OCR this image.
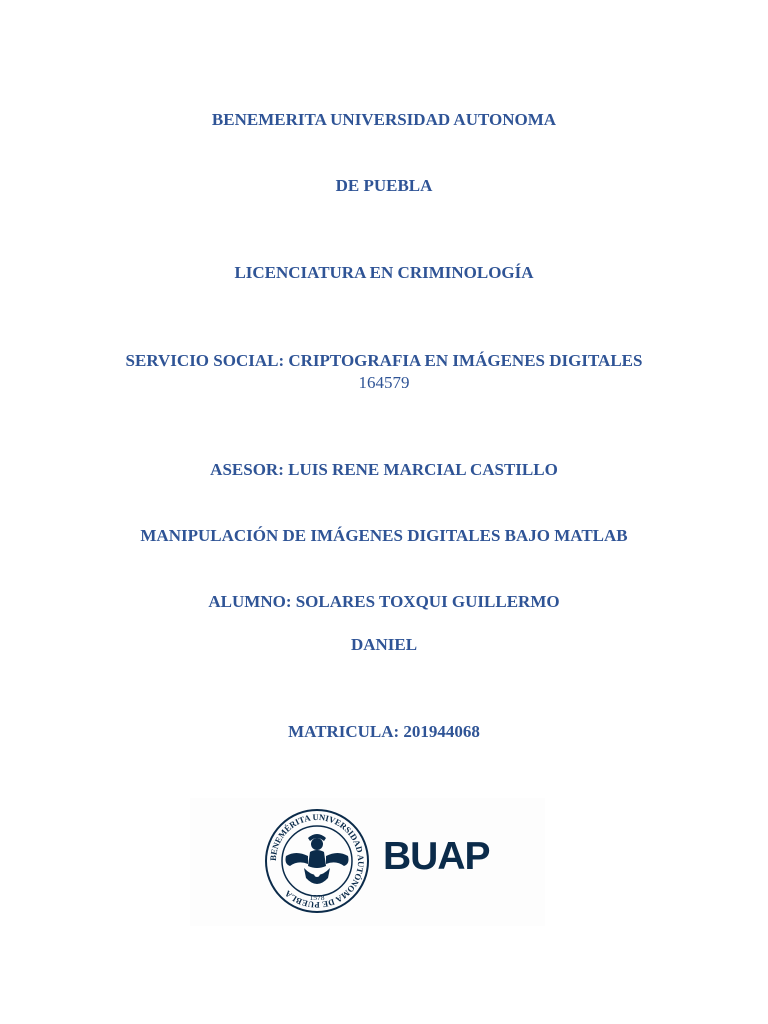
BENEMERITA UNIVERSIDAD AUTONOMA
DE PUEBLA
LICENCIATURA EN CRIMINOLOGÍA
SERVICIO SOCIAL: CRIPTOGRAFIA EN IMÁGENES DIGITALES
164579
ASESOR: LUIS RENE MARCIAL CASTILLO
MANIPULACIÓN DE IMÁGENES DIGITALES BAJO MATLAB
ALUMNO: SOLARES TOXQUI GUILLERMO
DANIEL
MATRICULA: 201944068
BENEMÉRITA UNIVERSIDAD AUTÓNOMA DE PUEBLA	1578
BUAP
